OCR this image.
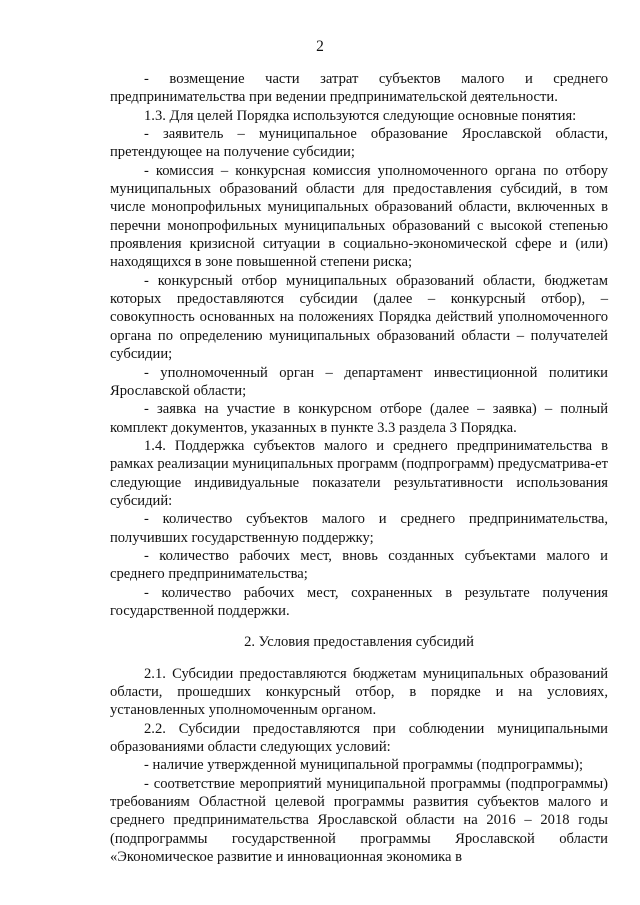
2

- возмещение части затрат субъектов малого и среднего предпринимательства при ведении предпринимательской деятельности.

1.3. Для целей Порядка используются следующие основные понятия:

- заявитель – муниципальное образование Ярославской области, претендующее на получение субсидии;

- комиссия – конкурсная комиссия уполномоченного органа по отбору муниципальных образований области для предоставления субсидий, в том числе монопрофильных муниципальных образований области, включенных в перечни монопрофильных муниципальных образований с высокой степенью проявления кризисной ситуации в социально-экономической сфере и (или) находящихся в зоне повышенной степени риска;

- конкурсный отбор муниципальных образований области, бюджетам которых предоставляются субсидии (далее – конкурсный отбор), – совокупность основанных на положениях Порядка действий уполномоченного органа по определению муниципальных образований области – получателей субсидии;

- уполномоченный орган – департамент инвестиционной политики Ярославской области;

- заявка на участие в конкурсном отборе (далее – заявка) – полный комплект документов, указанных в пункте 3.3 раздела 3 Порядка.

1.4. Поддержка субъектов малого и среднего предпринимательства в рамках реализации муниципальных программ (подпрограмм) предусматрива-ет следующие индивидуальные показатели результативности использования субсидий:

- количество субъектов малого и среднего предпринимательства, получивших государственную поддержку;

- количество рабочих мест, вновь созданных субъектами малого и среднего предпринимательства;

- количество рабочих мест, сохраненных в результате получения государственной поддержки.

2. Условия предоставления субсидий

2.1. Субсидии предоставляются бюджетам муниципальных образований области, прошедших конкурсный отбор, в порядке и на условиях, установленных уполномоченным органом.

2.2. Субсидии предоставляются при соблюдении муниципальными образованиями области следующих условий:

- наличие утвержденной муниципальной программы (подпрограммы);

- соответствие мероприятий муниципальной программы (подпрограммы) требованиям Областной целевой программы развития субъектов малого и среднего предпринимательства Ярославской области на 2016 – 2018 годы (подпрограммы государственной программы Ярославской области «Экономическое развитие и инновационная экономика в
